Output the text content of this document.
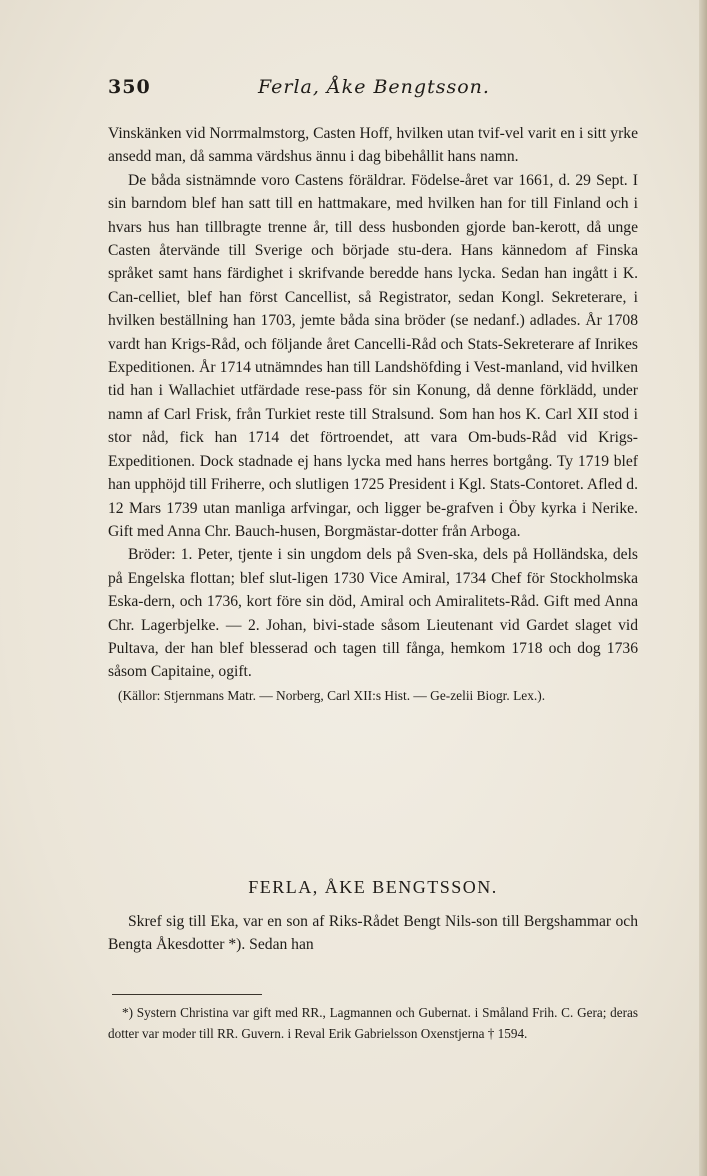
350	Ferla, Åke Bengtsson.

Vinskänken vid Norrmalmstorg, Casten Hoff, hvilken utan tvif-vel varit en i sitt yrke ansedd man, då samma värdshus ännu i dag bibehållit hans namn.

De båda sistnämnde voro Castens föräldrar. Födelse-året var 1661, d. 29 Sept. I sin barndom blef han satt till en hattmakare, med hvilken han for till Finland och i hvars hus han tillbragte trenne år, till dess husbonden gjorde ban-kerott, då unge Casten återvände till Sverige och började stu-dera. Hans kännedom af Finska språket samt hans färdighet i skrifvande beredde hans lycka. Sedan han ingått i K. Can-celliet, blef han först Cancellist, så Registrator, sedan Kongl. Sekreterare, i hvilken beställning han 1703, jemte båda sina bröder (se nedanf.) adlades. År 1708 vardt han Krigs-Råd, och följande året Cancelli-Råd och Stats-Sekreterare af Inrikes Expeditionen. År 1714 utnämndes han till Landshöfding i Vest-manland, vid hvilken tid han i Wallachiet utfärdade rese-pass för sin Konung, då denne förklädd, under namn af Carl Frisk, från Turkiet reste till Stralsund. Som han hos K. Carl XII stod i stor nåd, fick han 1714 det förtroendet, att vara Om-buds-Råd vid Krigs-Expeditionen. Dock stadnade ej hans lycka med hans herres bortgång. Ty 1719 blef han upphöjd till Friherre, och slutligen 1725 President i Kgl. Stats-Contoret. Afled d. 12 Mars 1739 utan manliga arfvingar, och ligger be-grafven i Öby kyrka i Nerike. Gift med Anna Chr. Bauch-husen, Borgmästar-dotter från Arboga.

Bröder: 1. Peter, tjente i sin ungdom dels på Sven-ska, dels på Holländska, dels på Engelska flottan; blef slut-ligen 1730 Vice Amiral, 1734 Chef för Stockholmska Eska-dern, och 1736, kort före sin död, Amiral och Amiralitets-Råd. Gift med Anna Chr. Lagerbjelke. — 2. Johan, bivi-stade såsom Lieutenant vid Gardet slaget vid Pultava, der han blef blesserad och tagen till fånga, hemkom 1718 och dog 1736 såsom Capitaine, ogift.

(Källor: Stjernmans Matr. — Norberg, Carl XII:s Hist. — Ge-zelii Biogr. Lex.).

FERLA, ÅKE BENGTSSON.

Skref sig till Eka, var en son af Riks-Rådet Bengt Nils-son till Bergshammar och Bengta Åkesdotter *). Sedan han

*) Systern Christina var gift med RR., Lagmannen och Gubernat. i Småland Frih. C. Gera; deras dotter var moder till RR. Guvern. i Reval Erik Gabrielsson Oxenstjerna † 1594.
